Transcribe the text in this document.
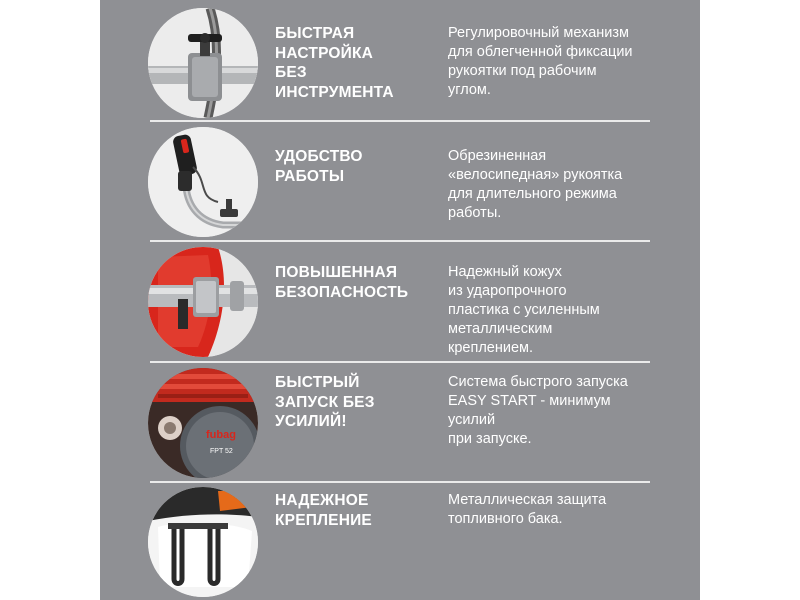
БЫСТРАЯ
НАСТРОЙКА
БЕЗ
ИНСТРУМЕНТА
Регулировочный механизм
для облегченной фиксации
рукоятки под рабочим
углом.
УДОБСТВО
РАБОТЫ
Обрезиненная
«велосипедная» рукоятка
для длительного режима
работы.
ПОВЫШЕННАЯ
БЕЗОПАСНОСТЬ
Надежный кожух
из ударопрочного
пластика с усиленным
металлическим
креплением.
fubag
FPT 52
БЫСТРЫЙ
ЗАПУСК БЕЗ
УСИЛИЙ!
Система быстрого запуска
EASY START - минимум
усилий
при запуске.
НАДЕЖНОЕ
КРЕПЛЕНИЕ
Металлическая защита
топливного бака.
